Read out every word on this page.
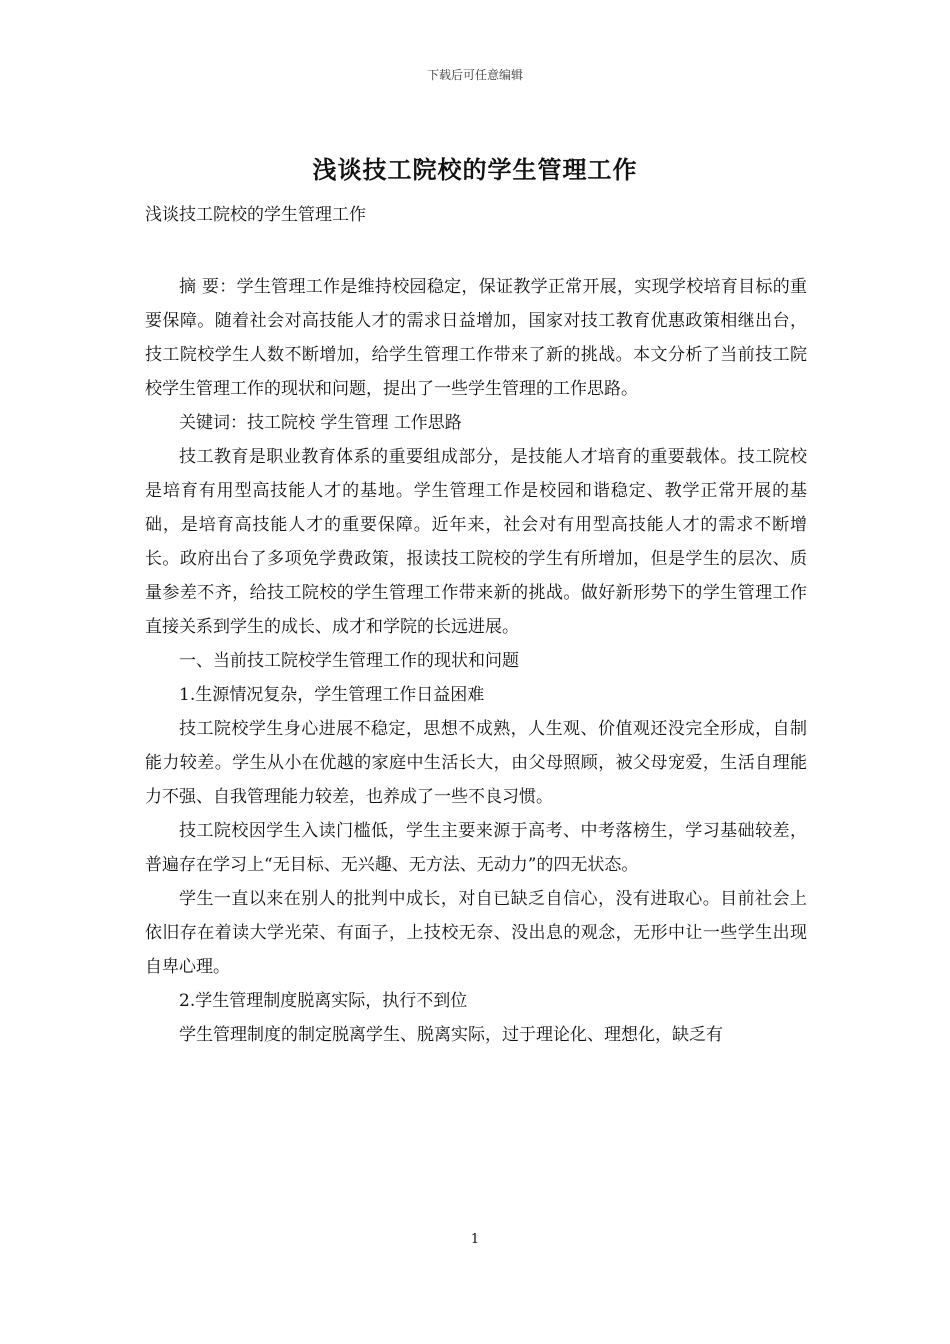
下载后可任意编辑
浅谈技工院校的学生管理工作

浅谈技工院校的学生管理工作

摘 要：学生管理工作是维持校园稳定，保证教学正常开展，实现学校培育目标的重要保障。随着社会对高技能人才的需求日益增加，国家对技工教育优惠政策相继出台，技工院校学生人数不断增加，给学生管理工作带来了新的挑战。本文分析了当前技工院校学生管理工作的现状和问题，提出了一些学生管理的工作思路。

关键词：技工院校 学生管理 工作思路

技工教育是职业教育体系的重要组成部分，是技能人才培育的重要载体。技工院校是培育有用型高技能人才的基地。学生管理工作是校园和谐稳定、教学正常开展的基础，是培育高技能人才的重要保障。近年来，社会对有用型高技能人才的需求不断增长。政府出台了多项免学费政策，报读技工院校的学生有所增加，但是学生的层次、质量参差不齐，给技工院校的学生管理工作带来新的挑战。做好新形势下的学生管理工作直接关系到学生的成长、成才和学院的长远进展。

一、当前技工院校学生管理工作的现状和问题

1.生源情况复杂，学生管理工作日益困难

技工院校学生身心进展不稳定，思想不成熟，人生观、价值观还没完全形成，自制能力较差。学生从小在优越的家庭中生活长大，由父母照顾，被父母宠爱，生活自理能力不强、自我管理能力较差，也养成了一些不良习惯。

技工院校因学生入读门槛低，学生主要来源于高考、中考落榜生，学习基础较差，普遍存在学习上“无目标、无兴趣、无方法、无动力”的四无状态。

学生一直以来在别人的批判中成长，对自已缺乏自信心，没有进取心。目前社会上依旧存在着读大学光荣、有面子，上技校无奈、没出息的观念，无形中让一些学生出现自卑心理。

2.学生管理制度脱离实际，执行不到位

学生管理制度的制定脱离学生、脱离实际，过于理论化、理想化，缺乏有

1
